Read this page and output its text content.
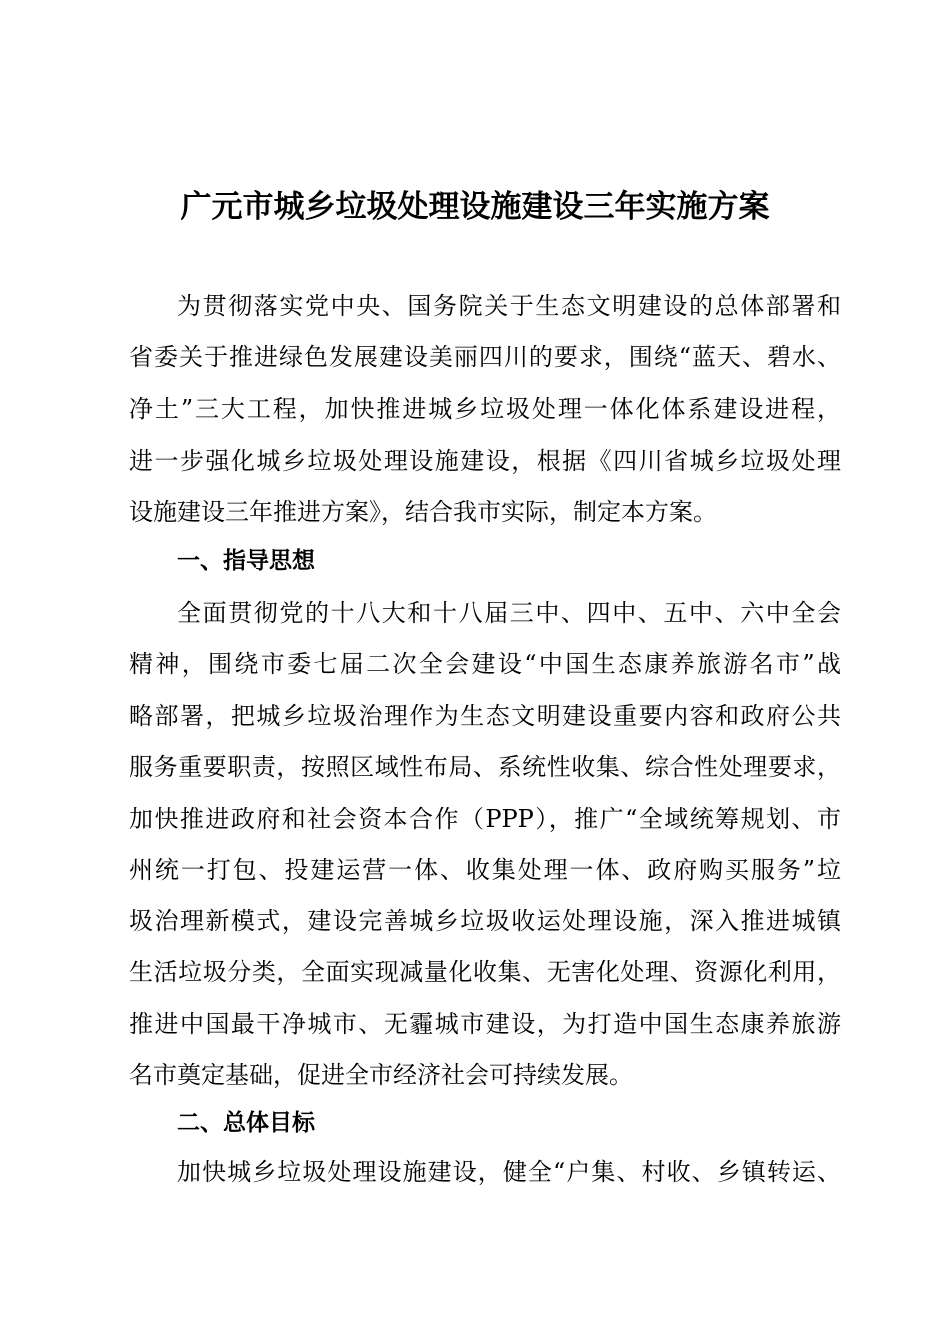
广元市城乡垃圾处理设施建设三年实施方案
为贯彻落实党中央、国务院关于生态文明建设的总体部署和
省委关于推进绿色发展建设美丽四川的要求，围绕“蓝天、碧水、
净土”三大工程，加快推进城乡垃圾处理一体化体系建设进程，
进一步强化城乡垃圾处理设施建设，根据《四川省城乡垃圾处理
设施建设三年推进方案》，结合我市实际，制定本方案。
一、指导思想
全面贯彻党的十八大和十八届三中、四中、五中、六中全会
精神，围绕市委七届二次全会建设“中国生态康养旅游名市”战
略部署，把城乡垃圾治理作为生态文明建设重要内容和政府公共
服务重要职责，按照区域性布局、系统性收集、综合性处理要求，
加快推进政府和社会资本合作（PPP），推广“全域统筹规划、市
州统一打包、投建运营一体、收集处理一体、政府购买服务”垃
圾治理新模式，建设完善城乡垃圾收运处理设施，深入推进城镇
生活垃圾分类，全面实现减量化收集、无害化处理、资源化利用，
推进中国最干净城市、无霾城市建设，为打造中国生态康养旅游
名市奠定基础，促进全市经济社会可持续发展。
二、总体目标
加快城乡垃圾处理设施建设，健全“户集、村收、乡镇转运、
